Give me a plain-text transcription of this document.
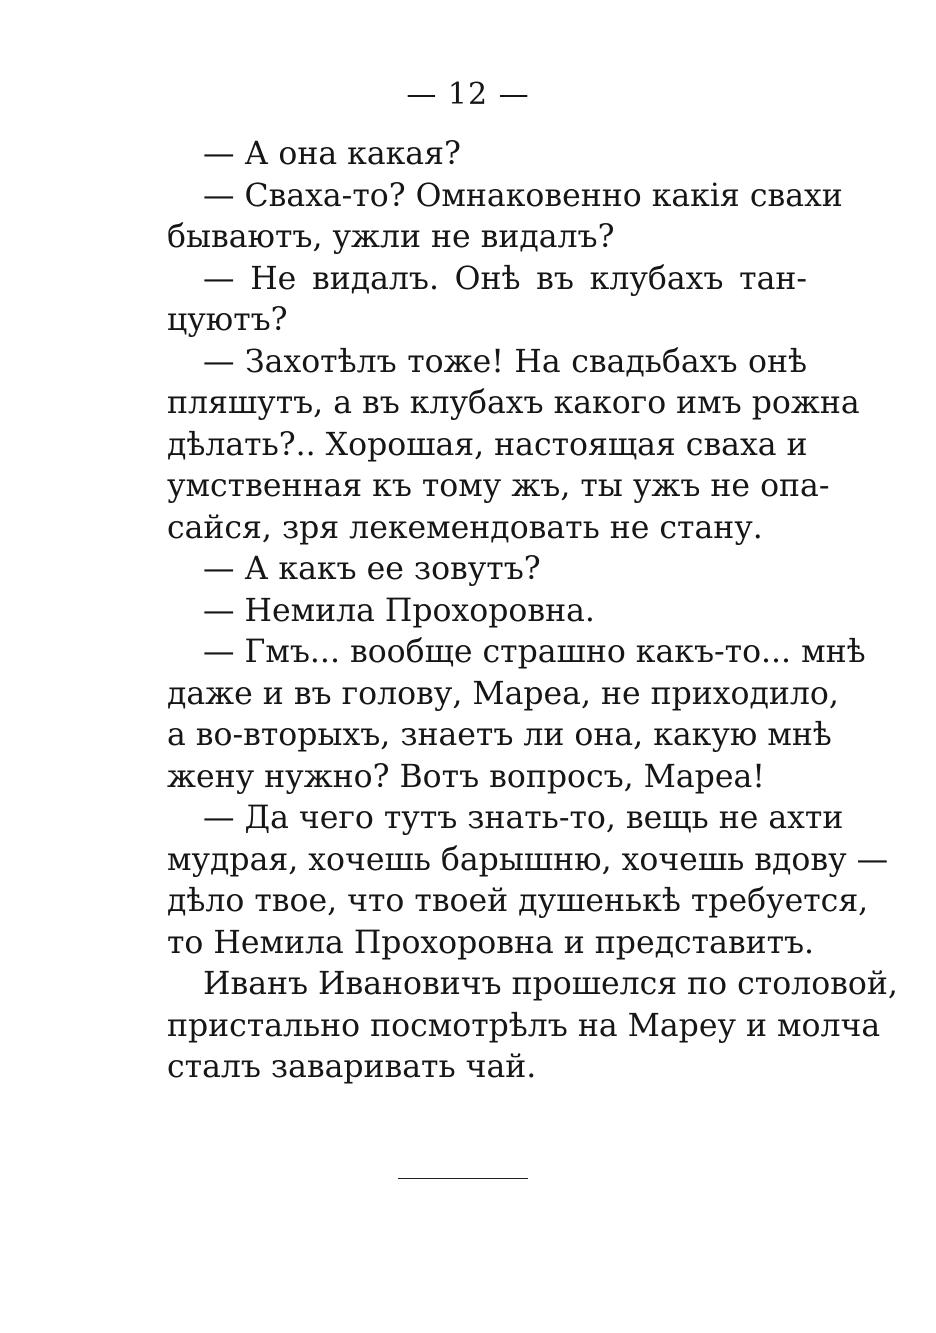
— 12 —

— А она какая?

— Сваха-то? Омнаковенно какія свахи
бываютъ, ужли не видалъ?

— Не видалъ. Онѣ въ клубахъ тан-
цуютъ?

— Захотѣлъ тоже! На свадьбахъ онѣ
пляшутъ, а въ клубахъ какого имъ рожна
дѣлать?.. Хорошая, настоящая сваха и
умственная къ тому жъ, ты ужъ не опа-
сайся, зря лекемендовать не стану.

— А какъ ее зовутъ?

— Немила Прохоровна.

— Гмъ... вообще страшно какъ-то... мнѣ
даже и въ голову, Мареа, не приходило,
а во-вторыхъ, знаетъ ли она, какую мнѣ
жену нужно? Вотъ вопросъ, Мареа!

— Да чего тутъ знать-то, вещь не ахти
мудрая, хочешь барышню, хочешь вдову —
дѣло твое, что твоей душенькѣ требуется,
то Немила Прохоровна и представитъ.

Иванъ Ивановичъ прошелся по столовой,
пристально посмотрѣлъ на Мареу и молча
сталъ заваривать чай.
